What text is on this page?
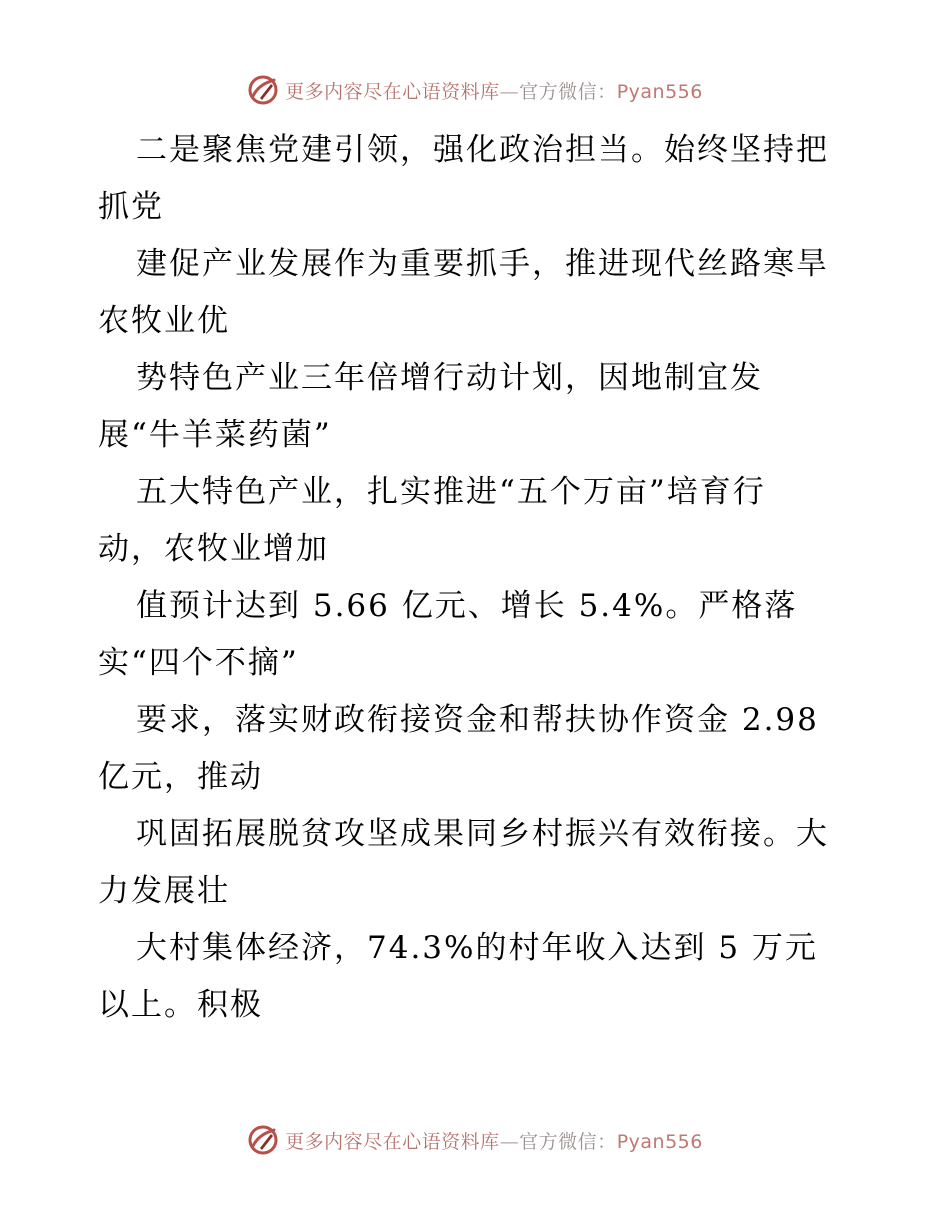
更多内容尽在心语资料库—官方微信：Pyan556
二是聚焦党建引领，强化政治担当。始终坚持把
抓党
建促产业发展作为重要抓手，推进现代丝路寒旱
农牧业优
势特色产业三年倍增行动计划，因地制宜发
展“牛羊菜药菌”
五大特色产业，扎实推进“五个万亩”培育行
动，农牧业增加
值预计达到 5.66 亿元、增长 5.4%。严格落
实“四个不摘”
要求，落实财政衔接资金和帮扶协作资金 2.98
亿元，推动
巩固拓展脱贫攻坚成果同乡村振兴有效衔接。大
力发展壮
大村集体经济，74.3%的村年收入达到 5 万元
以上。积极
更多内容尽在心语资料库—官方微信：Pyan556
